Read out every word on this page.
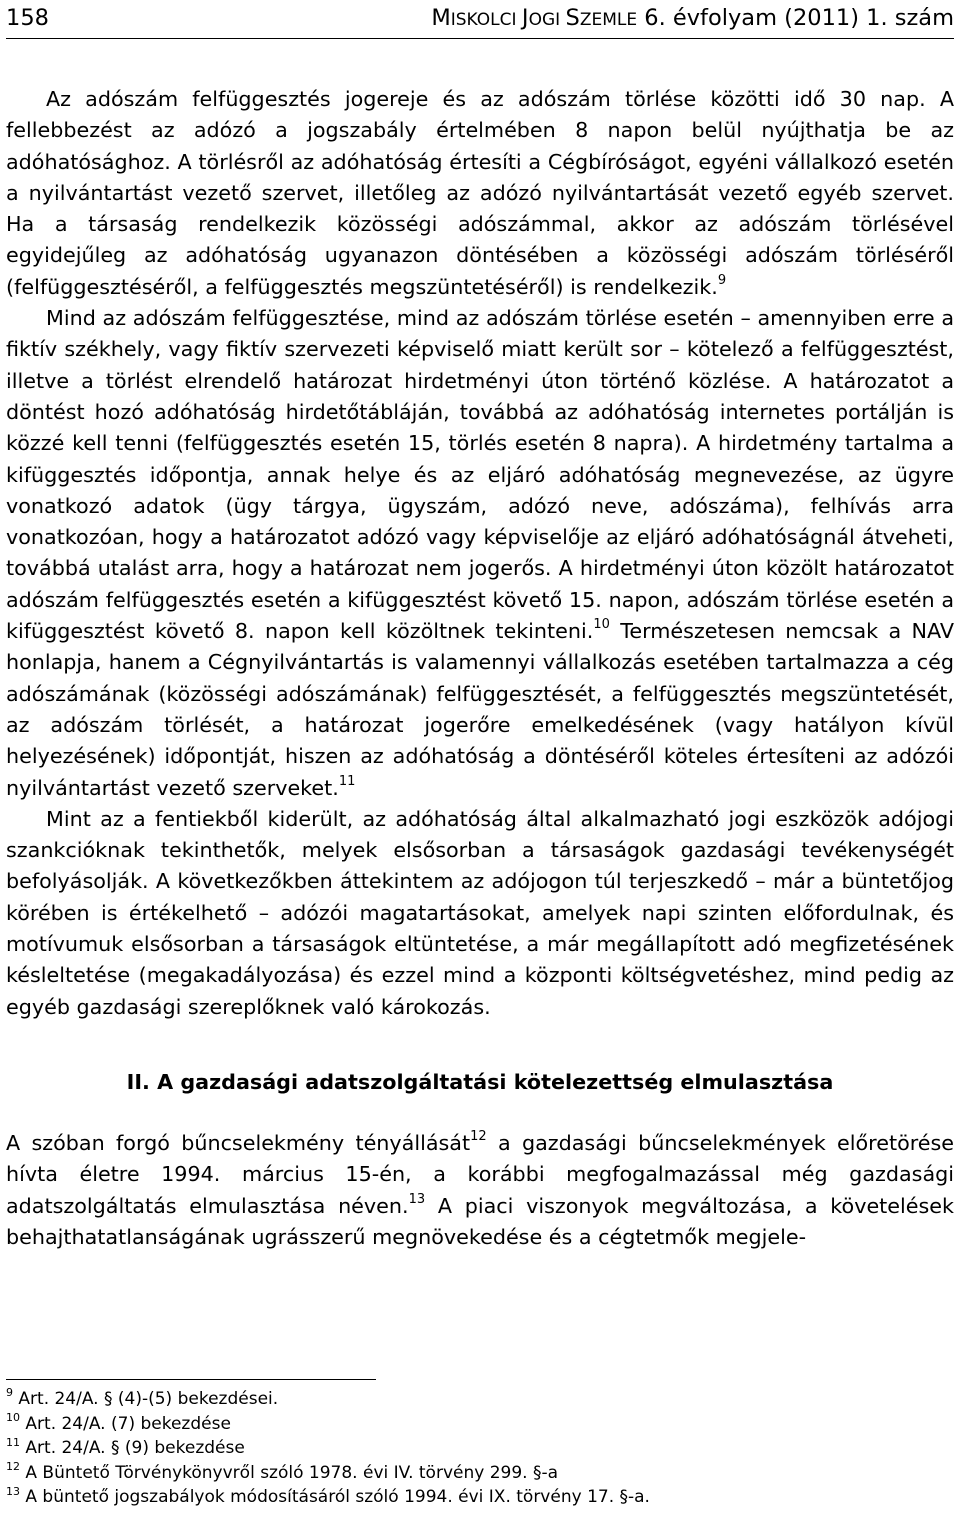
158	MISKOLCI JOGI SZEMLE 6. évfolyam (2011) 1. szám

Az adószám felfüggesztés jogereje és az adószám törlése közötti idő 30 nap. A fellebbezést az adózó a jogszabály értelmében 8 napon belül nyújthatja be az adóhatósághoz. A törlésről az adóhatóság értesíti a Cégbíróságot, egyéni vállalkozó esetén a nyilvántartást vezető szervet, illetőleg az adózó nyilvántartását vezető egyéb szervet. Ha a társaság rendelkezik közösségi adószámmal, akkor az adószám törlésével egyidejűleg az adóhatóság ugyanazon döntésében a közösségi adószám törléséről (felfüggesztéséről, a felfüggesztés megszüntetéséről) is rendelkezik.$^9$

Mind az adószám felfüggesztése, mind az adószám törlése esetén – amennyiben erre a fiktív székhely, vagy fiktív szervezeti képviselő miatt került sor – kötelező a felfüggesztést, illetve a törlést elrendelő határozat hirdetményi úton történő közlése. A határozatot a döntést hozó adóhatóság hirdetőtábláján, továbbá az adóhatóság internetes portálján is közzé kell tenni (felfüggesztés esetén 15, törlés esetén 8 napra). A hirdetmény tartalma a kifüggesztés időpontja, annak helye és az eljáró adóhatóság megnevezése, az ügyre vonatkozó adatok (ügy tárgya, ügyszám, adózó neve, adószáma), felhívás arra vonatkozóan, hogy a határozatot adózó vagy képviselője az eljáró adóhatóságnál átveheti, továbbá utalást arra, hogy a határozat nem jogerős. A hirdetményi úton közölt határozatot adószám felfüggesztés esetén a kifüggesztést követő 15. napon, adószám törlése esetén a kifüggesztést követő 8. napon kell közöltnek tekinteni.$^{10}$ Természetesen nemcsak a NAV honlapja, hanem a Cégnyilvántartás is valamennyi vállalkozás esetében tartalmazza a cég adószámának (közösségi adószámának) felfüggesztését, a felfüggesztés megszüntetését, az adószám törlését, a határozat jogerőre emelkedésének (vagy hatályon kívül helyezésének) időpontját, hiszen az adóhatóság a döntéséről köteles értesíteni az adózói nyilvántartást vezető szerveket.$^{11}$

Mint az a fentiekből kiderült, az adóhatóság által alkalmazható jogi eszközök adójogi szankcióknak tekinthetők, melyek elsősorban a társaságok gazdasági tevékenységét befolyásolják. A következőkben áttekintem az adójogon túl terjeszkedő – már a büntetőjog körében is értékelhető – adózói magatartásokat, amelyek napi szinten előfordulnak, és motívumuk elsősorban a társaságok eltüntetése, a már megállapított adó megfizetésének késleltetése (megakadályozása) és ezzel mind a központi költségvetéshez, mind pedig az egyéb gazdasági szereplőknek való károkozás.

II. A gazdasági adatszolgáltatási kötelezettség elmulasztása

A szóban forgó bűncselekmény tényállását$^{12}$ a gazdasági bűncselekmények előretörése hívta életre 1994. március 15-én, a korábbi megfogalmazással még gazdasági adatszolgáltatás elmulasztása néven.$^{13}$ A piaci viszonyok megváltozása, a követelések behajthatatlanságának ugrásszerű megnövekedése és a cégtetmők megjele-

$^9$ Art. 24/A. § (4)-(5) bekezdései.
$^{10}$ Art. 24/A. (7) bekezdése
$^{11}$ Art. 24/A. § (9) bekezdése
$^{12}$ A Büntető Törvénykönyvről szóló 1978. évi IV. törvény 299. §-a
$^{13}$ A büntető jogszabályok módosításáról szóló 1994. évi IX. törvény 17. §-a.
